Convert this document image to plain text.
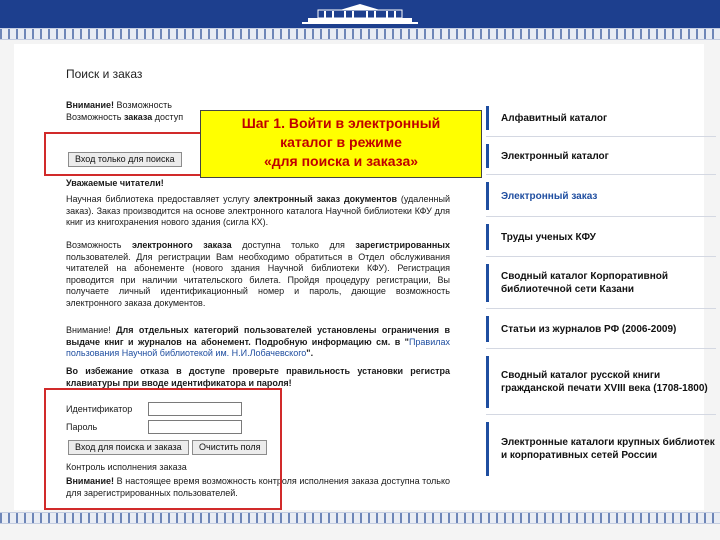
Поиск и заказ
Внимание! Возможность
Возможность заказа доступ
Вход только для поиска
Уважаемые читатели!
Научная библиотека предоставляет услугу электронный заказ документов (удаленный заказ). Заказ производится на основе электронного каталога Научной библиотеки КФУ для книг из книгохранения нового здания (сигла КХ).
Возможность электронного заказа доступна только для зарегистрированных пользователей. Для регистрации Вам необходимо обратиться в Отдел обслуживания читателей на абонементе (нового здания Научной библиотеки КФУ). Регистрация проводится при наличии читательского билета. Пройдя процедуру регистрации, Вы получаете личный идентификационный номер и пароль, дающие возможность электронного заказа документов.
Внимание! Для отдельных категорий пользователей установлены ограничения в выдаче книг и журналов на абонемент. Подробную информацию см. в "Правилах пользования Научной библиотекой им. Н.И.Лобачевского".
Во избежание отказа в доступе проверьте правильность установки регистра клавиатуры при вводе идентификатора и пароля!
Идентификатор
Пароль
Вход для поиска и заказа	Очистить поля
Контроль исполнения заказа
Внимание! В настоящее время возможность контроля исполнения заказа доступна только для зарегистрированных пользователей.
Шаг 1. Войти в электронный
каталог в режиме
«для поиска и заказа»
Алфавитный каталог
Электронный каталог
Электронный заказ
Труды ученых КФУ
Сводный каталог Корпоративной библиотечной сети Казани
Статьи из журналов РФ (2006-2009)
Сводный каталог русской книги гражданской печати XVIII века (1708-1800)
Электронные каталоги крупных библиотек и корпоративных сетей России
